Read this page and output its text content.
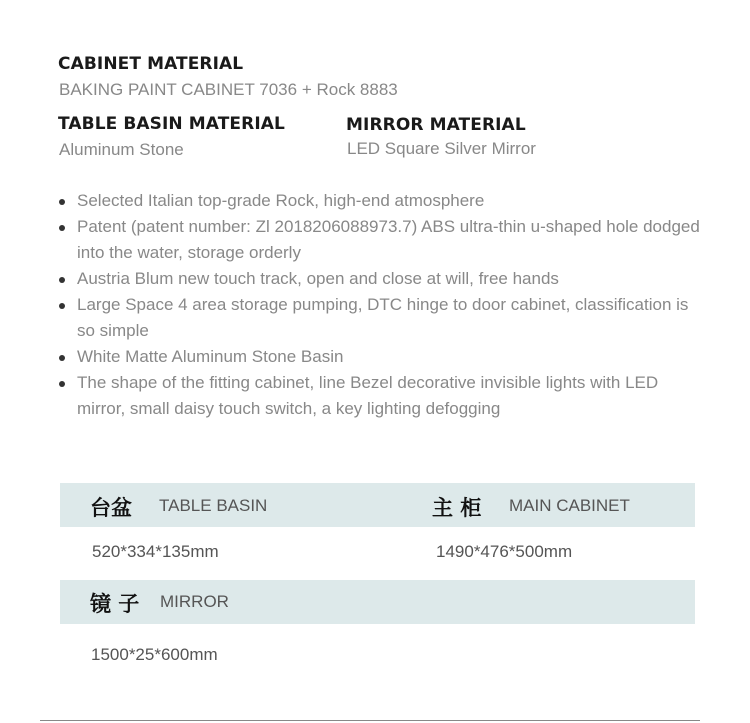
CABINET MATERIAL
BAKING PAINT CABINET 7036 + Rock 8883
TABLE BASIN MATERIAL
Aluminum Stone
MIRROR MATERIAL
LED Square Silver Mirror
Selected Italian top-grade Rock, high-end atmosphere
Patent (patent number: Zl 2018206088973.7) ABS ultra-thin u-shaped hole dodged into the water, storage orderly
Austria Blum new touch track, open and close at will, free hands
Large Space 4 area storage pumping, DTC hinge to door cabinet, classification is so simple
White Matte Aluminum Stone Basin
The shape of the fitting cabinet, line Bezel decorative invisible lights with LED mirror, small daisy touch switch, a key lighting defogging
台盆 TABLE BASIN	主 柜 MAIN CABINET
520*334*135mm	1490*476*500mm
镜 子 MIRROR
1500*25*600mm
